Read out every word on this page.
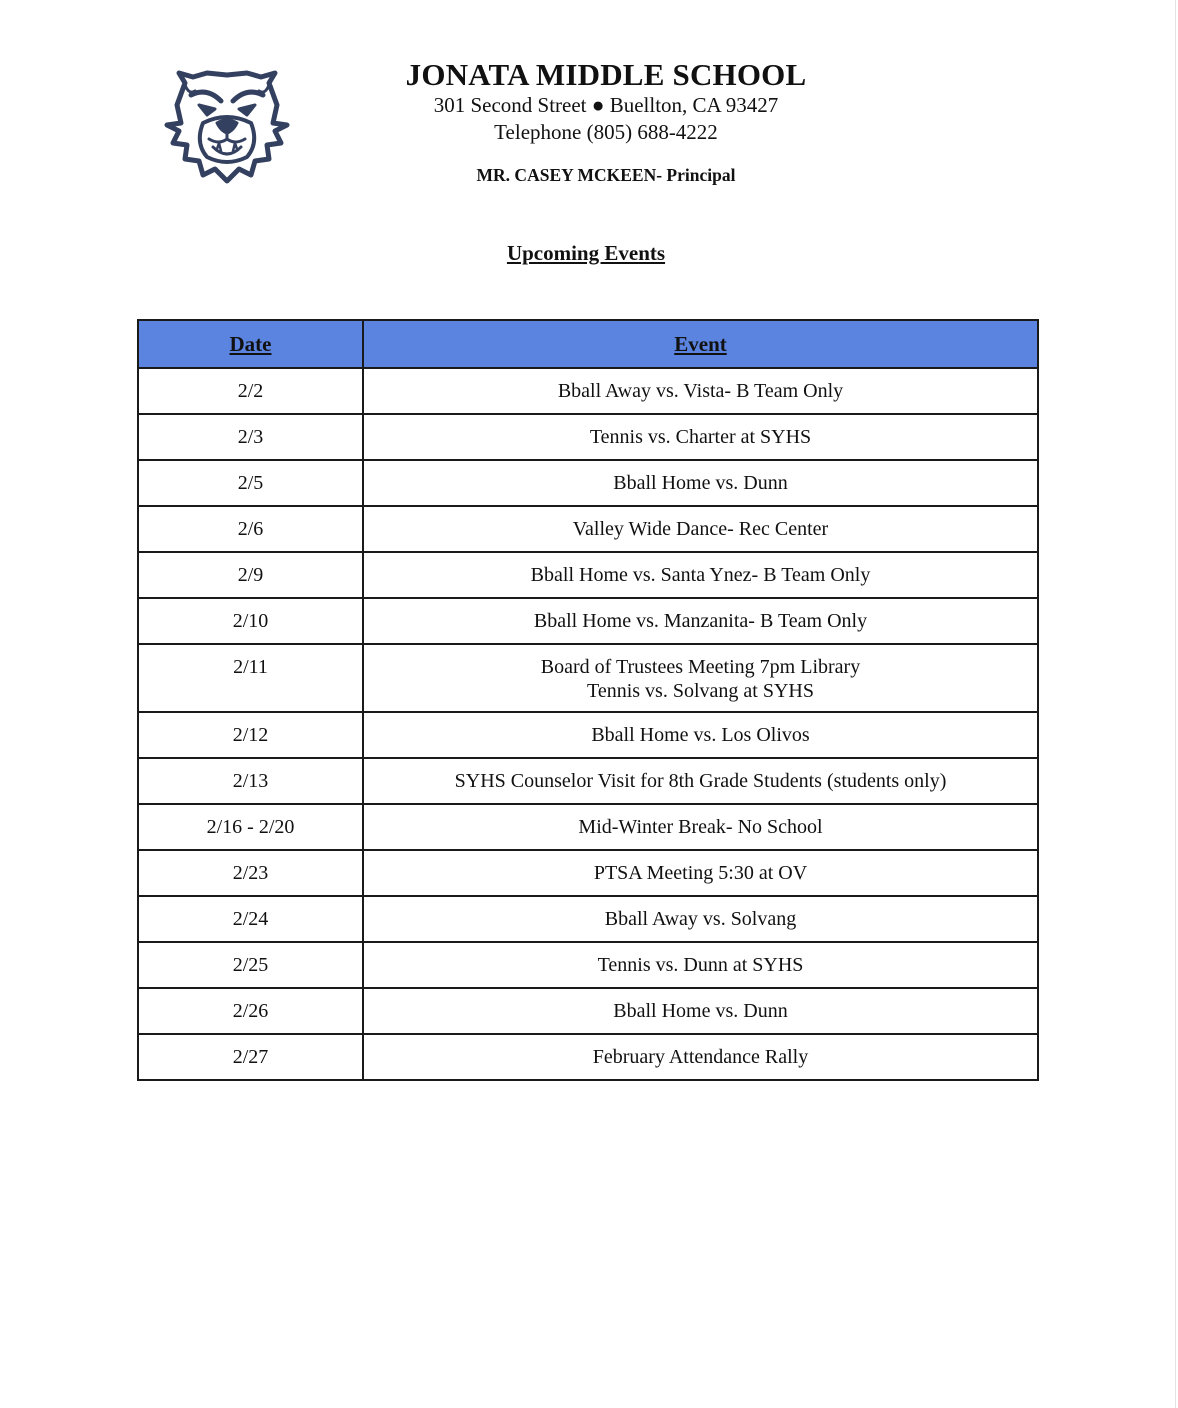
JONATA MIDDLE SCHOOL
301 Second Street ● Buellton, CA 93427
Telephone (805) 688-4222
MR. CASEY MCKEEN- Principal
Upcoming Events
Date	Event
2/2	Bball Away vs. Vista- B Team Only

2/3	Tennis vs. Charter at SYHS

2/5	Bball Home vs. Dunn

2/6	Valley Wide Dance- Rec Center

2/9	Bball Home vs. Santa Ynez- B Team Only

2/10	Bball Home vs. Manzanita- B Team Only

2/11	Board of Trustees Meeting 7pm Library
Tennis vs. Solvang at SYHS

2/12	Bball Home vs. Los Olivos

2/13	SYHS Counselor Visit for 8th Grade Students (students only)

2/16 - 2/20	Mid-Winter Break- No School

2/23	PTSA Meeting 5:30 at OV

2/24	Bball Away vs. Solvang

2/25	Tennis vs. Dunn at SYHS

2/26	Bball Home vs. Dunn

2/27	February Attendance Rally
